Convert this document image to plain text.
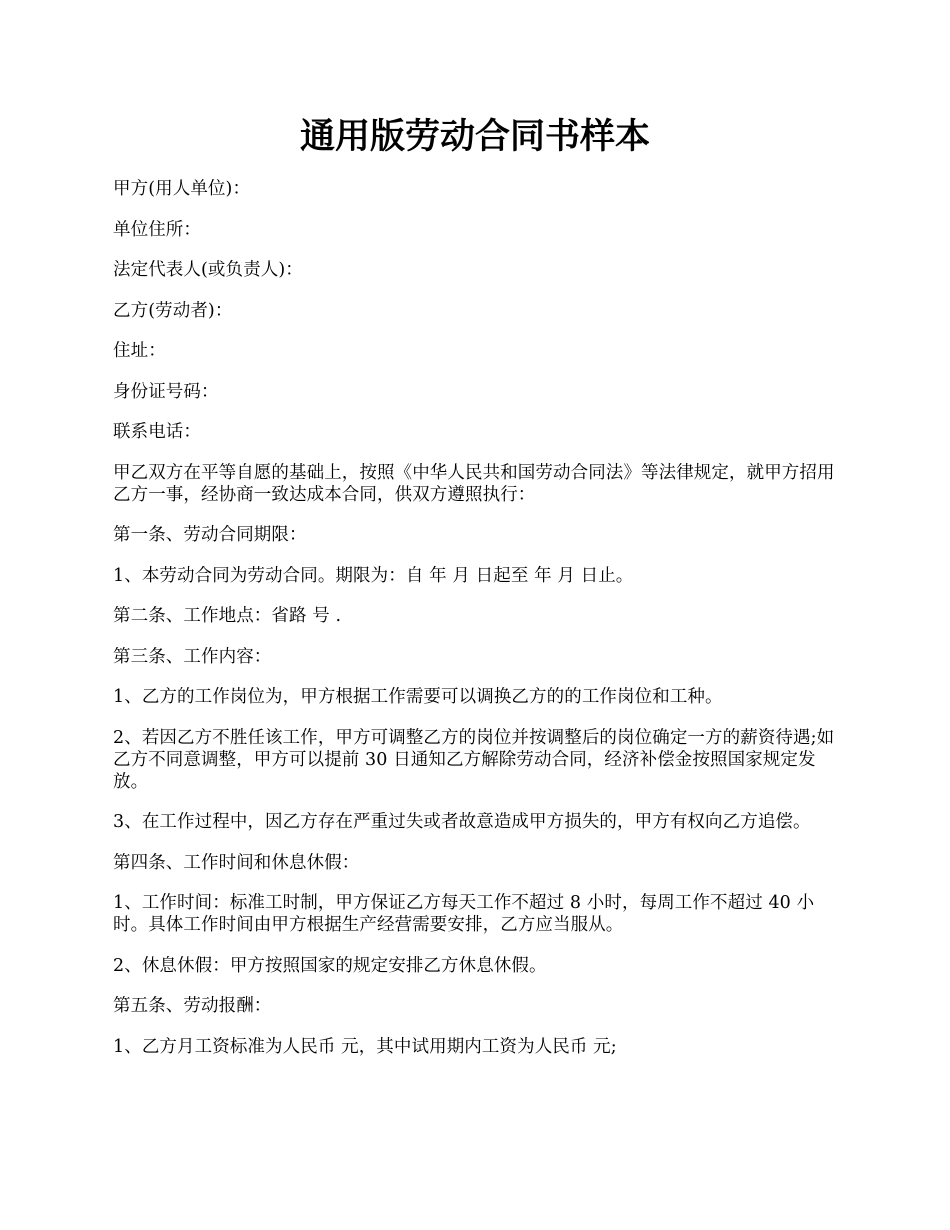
通用版劳动合同书样本

甲方(用人单位)：

单位住所：

法定代表人(或负责人)：

乙方(劳动者)：

住址：

身份证号码：

联系电话：

甲乙双方在平等自愿的基础上，按照《中华人民共和国劳动合同法》等法律规定，就甲方招用乙方一事，经协商一致达成本合同，供双方遵照执行：

第一条、劳动合同期限：

1、本劳动合同为劳动合同。期限为：自 年 月 日起至 年 月 日止。

第二条、工作地点：省路 号 .

第三条、工作内容：

1、乙方的工作岗位为，甲方根据工作需要可以调换乙方的的工作岗位和工种。

2、若因乙方不胜任该工作，甲方可调整乙方的岗位并按调整后的岗位确定一方的薪资待遇;如乙方不同意调整，甲方可以提前 30 日通知乙方解除劳动合同，经济补偿金按照国家规定发放。

3、在工作过程中，因乙方存在严重过失或者故意造成甲方损失的，甲方有权向乙方追偿。

第四条、工作时间和休息休假：

1、工作时间：标准工时制，甲方保证乙方每天工作不超过 8 小时，每周工作不超过 40 小时。具体工作时间由甲方根据生产经营需要安排，乙方应当服从。

2、休息休假：甲方按照国家的规定安排乙方休息休假。

第五条、劳动报酬：

1、乙方月工资标准为人民币 元，其中试用期内工资为人民币 元;
